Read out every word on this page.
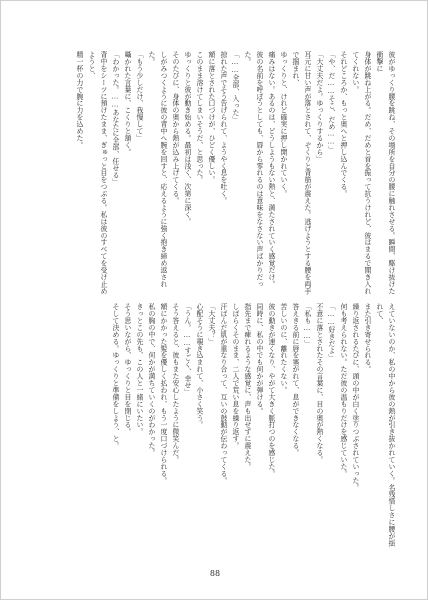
彼がゆっくり腰を跳ね、その場所を自分の腰に触れさせる。瞬間、駆け抜けた衝撃に
身体が跳ね上がる。だめ、だめと首を振って抗うけれど、彼はまるで聞き入れてくれない。
それどころか、もっと奥へと押し込んでくる。
「や、だ……そこ、だめ……」
「大丈夫だよ。ゆっくりするから」
耳元に甘い声が落とされて、ぞくりと背筋が震えた。逃げようとする腰を両手で掴まれ、
ゆっくりと、けれど確実に押し開かれていく。
痛みはない。あるのは、どうしようもない熱と、満たされていく感覚だけ。
彼の名前を呼ぼうとしても、唇から零れるのは意味をなさない声ばかりだった。
「……全部、入った」
掠れた声でそう告げられて、ようやく息を吐く。
額に落とされた口づけが、ひどく優しい。
このまま溶けてしまいそうだ、と思った。
ゆっくりと彼が動き始める。最初は浅く、次第に深く。
そのたびに、身体の奥から熱が込み上げてくる。
しがみつくように彼の背中へ腕を回すと、応えるように強く抱き締め返された。
「もう少しだけ、我慢して」
囁かれた言葉に、こくりと頷く。
「わかった。……あなたに全部、任せる」
背中をシーツに預けたまま、ぎゅっと目をつぶる。私は彼のすべてを受け止めようと、
精一杯の力で腕に力を込めた。
えていないのか、私の中から彼の熱が引き抜かれていく。名残惜しさに腰が揺れて、
また引き寄せられる。
繰り返されるたびに、頭の中が白く塗りつぶされていった。
何も考えられない。ただ彼の温もりだけを感じていた。
「……好きだよ」
不意に落とされたその言葉に、目の奥が熱くなる。
「私も……」
答えきる前に唇を塞がれて、息ができなくなる。
苦しいのに、離れたくない。
彼の動きが速くなり、やがて大きく脈打つのを感じた。
同時に、私の中でも何かが弾ける。
指先まで痺れるような感覚に、声も出せずに震えた。
しばらくそのまま、二人で荒い息を繰り返す。
汗ばんだ肌が重なり合って、互いの鼓動が伝わってくる。
「大丈夫？」
心配そうに覗き込まれて、小さく笑う。
「うん。……すごく、幸せ」
そう答えると、彼もまた安心したように微笑んだ。
額にかかった髪を優しく払われ、もう一度口づけられる。
私の胸の中で、何かが満ちていくのがわかった。
きっとこの先も、この人と一緒にいたい。
そう思いながら、ゆっくりと目を閉じる。
そして決める。ゆっくりと準備をしよう、と。
88
